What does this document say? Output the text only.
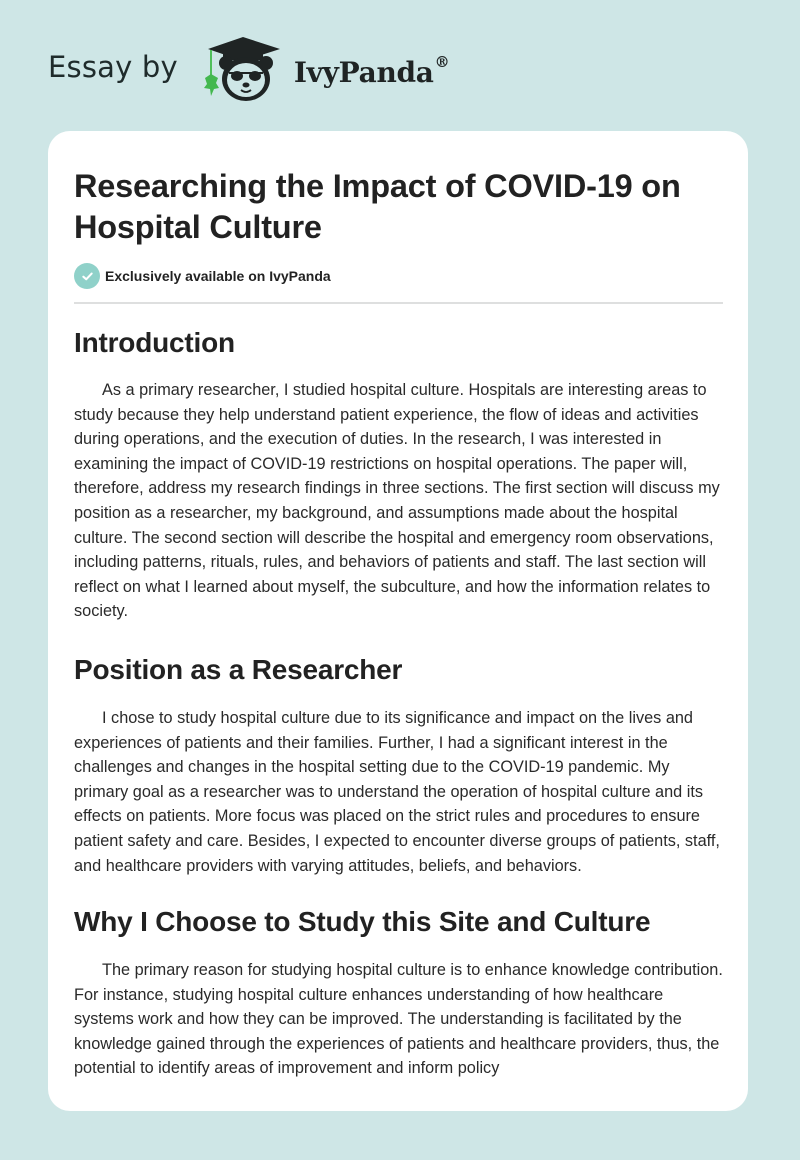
Essay by	IvyPanda®
Researching the Impact of COVID-19 on Hospital Culture
Exclusively available on IvyPanda
Introduction

As a primary researcher, I studied hospital culture. Hospitals are interesting areas to study because they help understand patient experience, the flow of ideas and activities during operations, and the execution of duties. In the research, I was interested in examining the impact of COVID-19 restrictions on hospital operations. The paper will, therefore, address my research findings in three sections. The first section will discuss my position as a researcher, my background, and assumptions made about the hospital culture. The second section will describe the hospital and emergency room observations, including patterns, rituals, rules, and behaviors of patients and staff. The last section will reflect on what I learned about myself, the subculture, and how the information relates to society.

Position as a Researcher

I chose to study hospital culture due to its significance and impact on the lives and experiences of patients and their families. Further, I had a significant interest in the challenges and changes in the hospital setting due to the COVID-19 pandemic. My primary goal as a researcher was to understand the operation of hospital culture and its effects on patients. More focus was placed on the strict rules and procedures to ensure patient safety and care. Besides, I expected to encounter diverse groups of patients, staff, and healthcare providers with varying attitudes, beliefs, and behaviors.

Why I Choose to Study this Site and Culture

The primary reason for studying hospital culture is to enhance knowledge contribution. For instance, studying hospital culture enhances understanding of how healthcare systems work and how they can be improved. The understanding is facilitated by the knowledge gained through the experiences of patients and healthcare providers, thus, the potential to identify areas of improvement and inform policy
